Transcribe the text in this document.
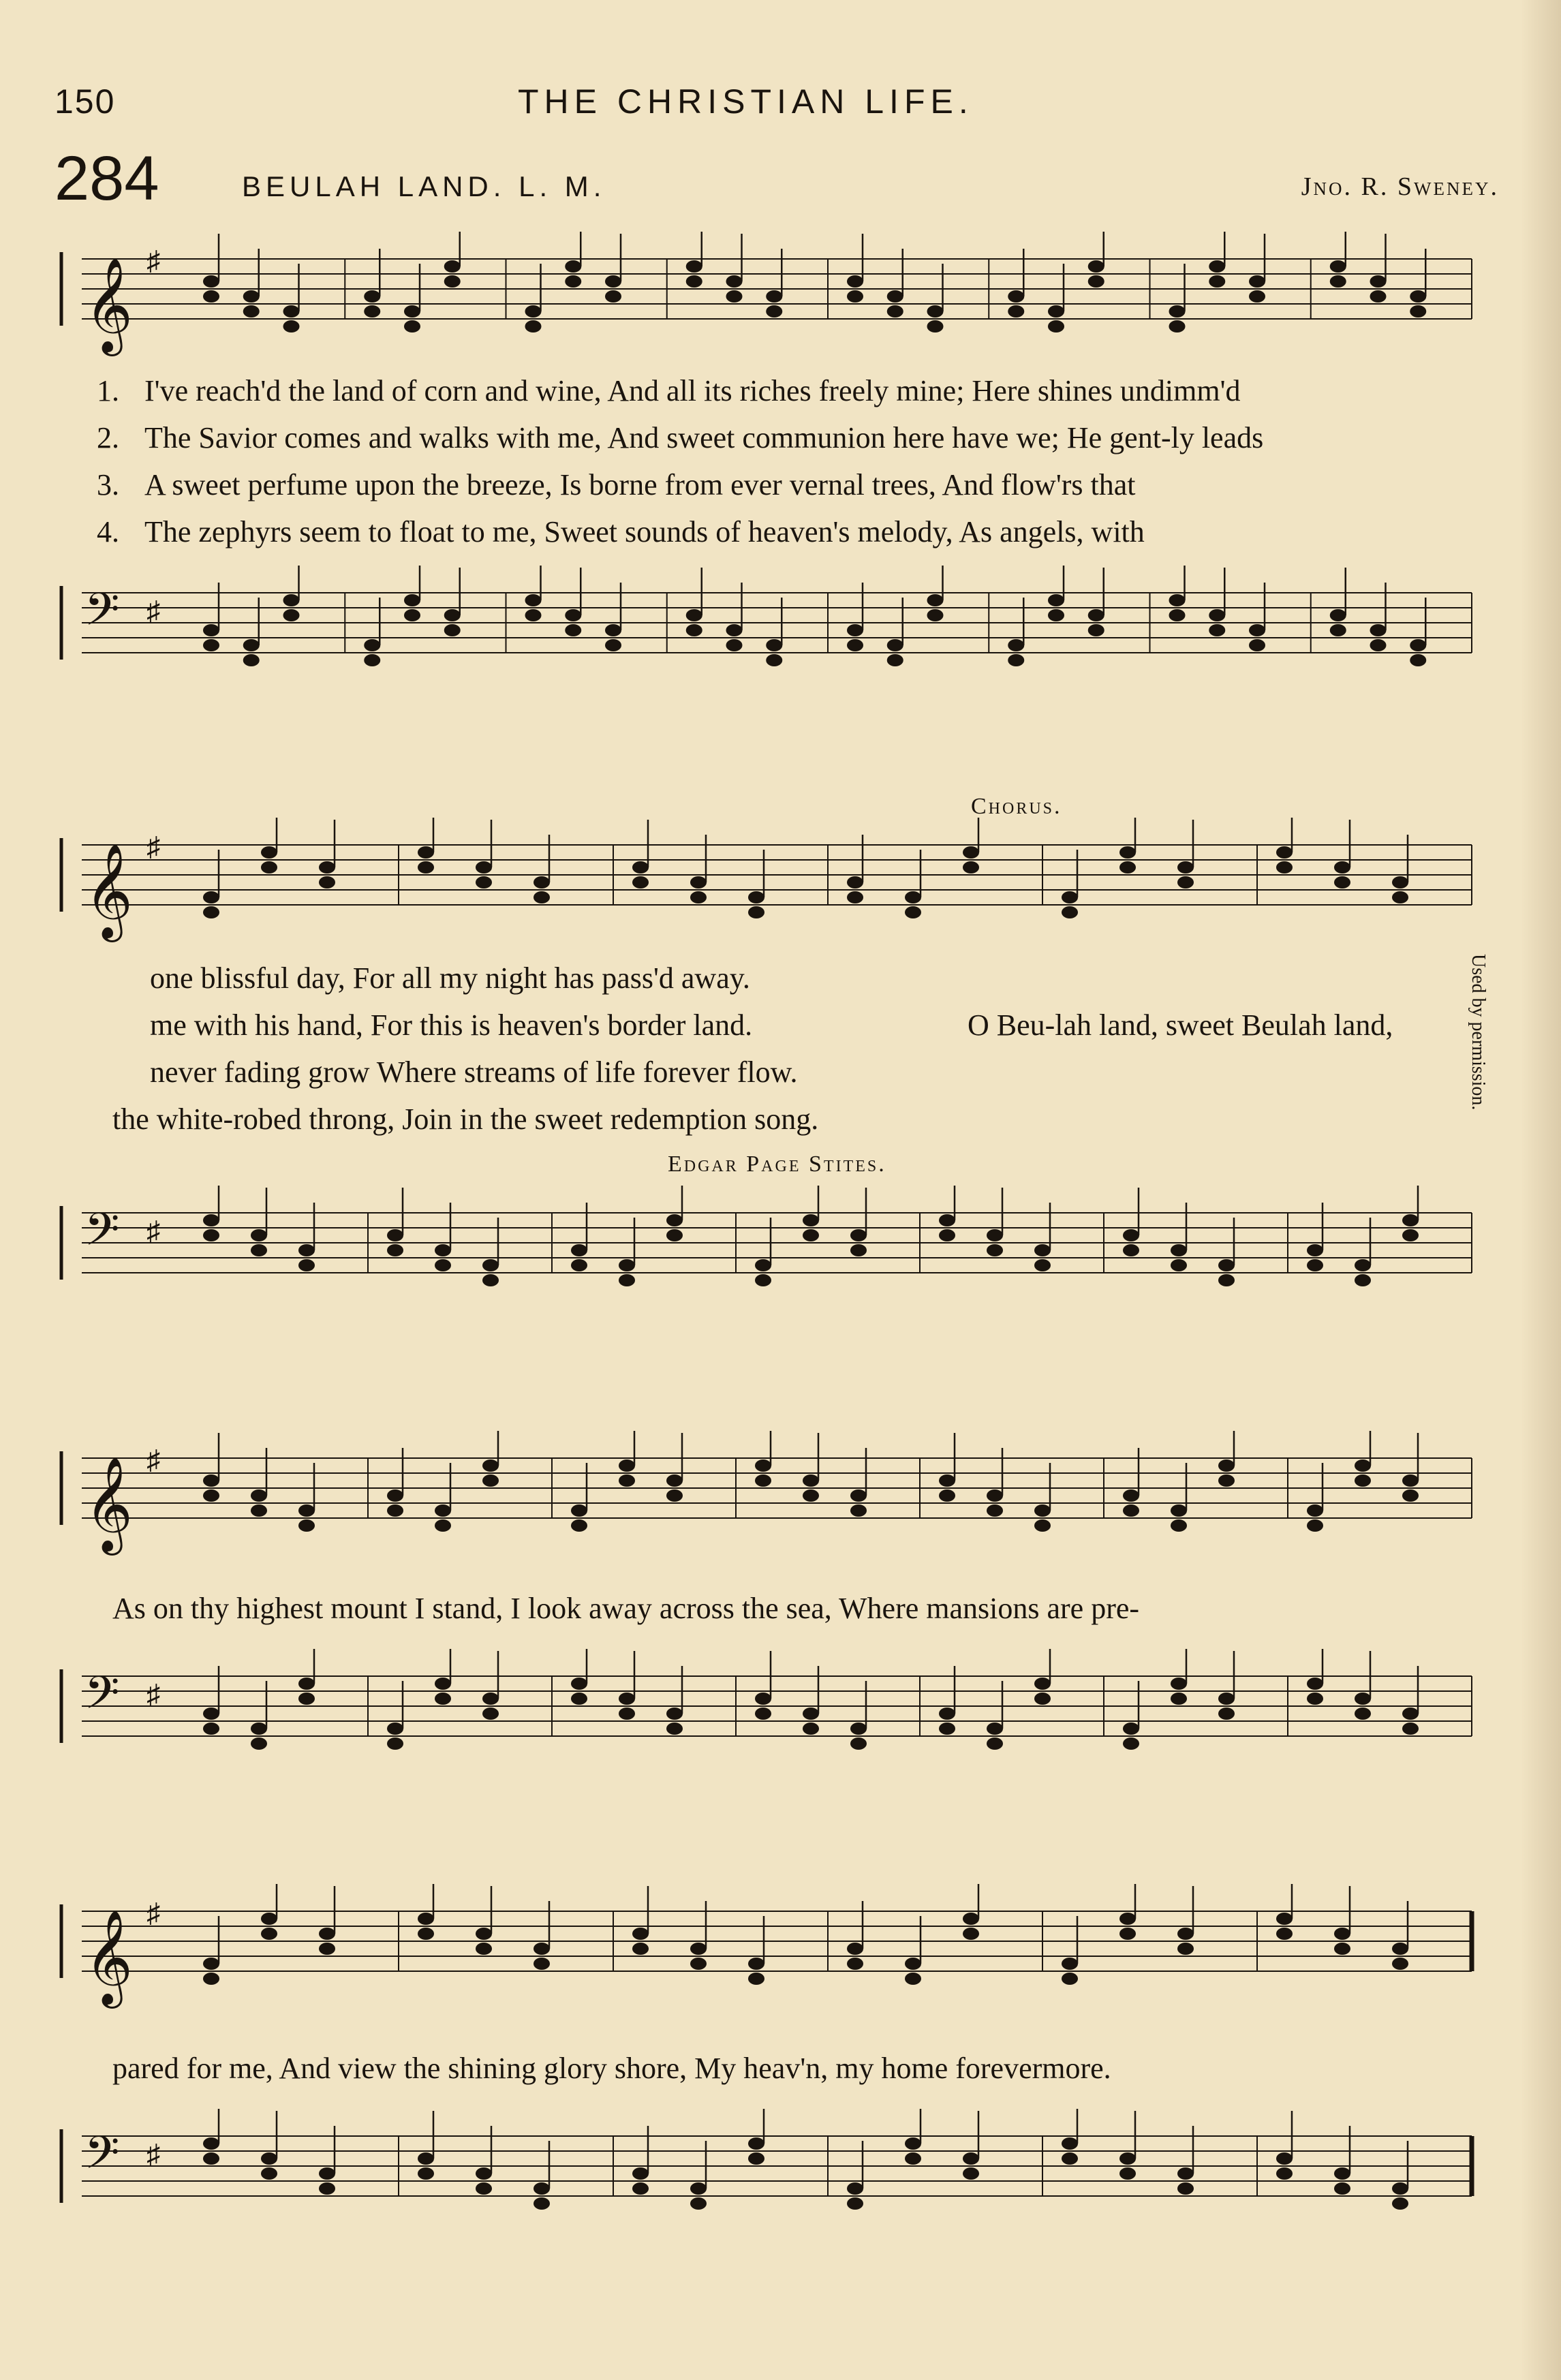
150	THE CHRISTIAN LIFE.
284	BEULAH LAND. L. M.	Jno. R. Sweney.
𝄞 ♯
1. I've reach'd the land of corn and wine, And all its riches freely mine; Here shines undimm'd
2. The Savior comes and walks with me, And sweet communion here have we; He gent-ly leads
3. A sweet perfume upon the breeze, Is borne from ever vernal trees, And flow'rs that
4. The zephyrs seem to float to me, Sweet sounds of heaven's melody, As angels, with
𝄢 ♯
Chorus.
𝄞 ♯
one blissful day, For all my night has pass'd away.
me with his hand, For this is heaven's border land.	O Beu-lah land, sweet Beulah land,
never fading grow Where streams of life forever flow.
the white-robed throng, Join in the sweet redemption song.
Edgar Page Stites.
𝄢 ♯
𝄞 ♯
As on thy highest mount I stand, I look away across the sea, Where mansions are pre-
𝄢 ♯
𝄞 ♯
pared for me, And view the shining glory shore, My heav'n, my home forevermore.
𝄢 ♯
Used by permission.
